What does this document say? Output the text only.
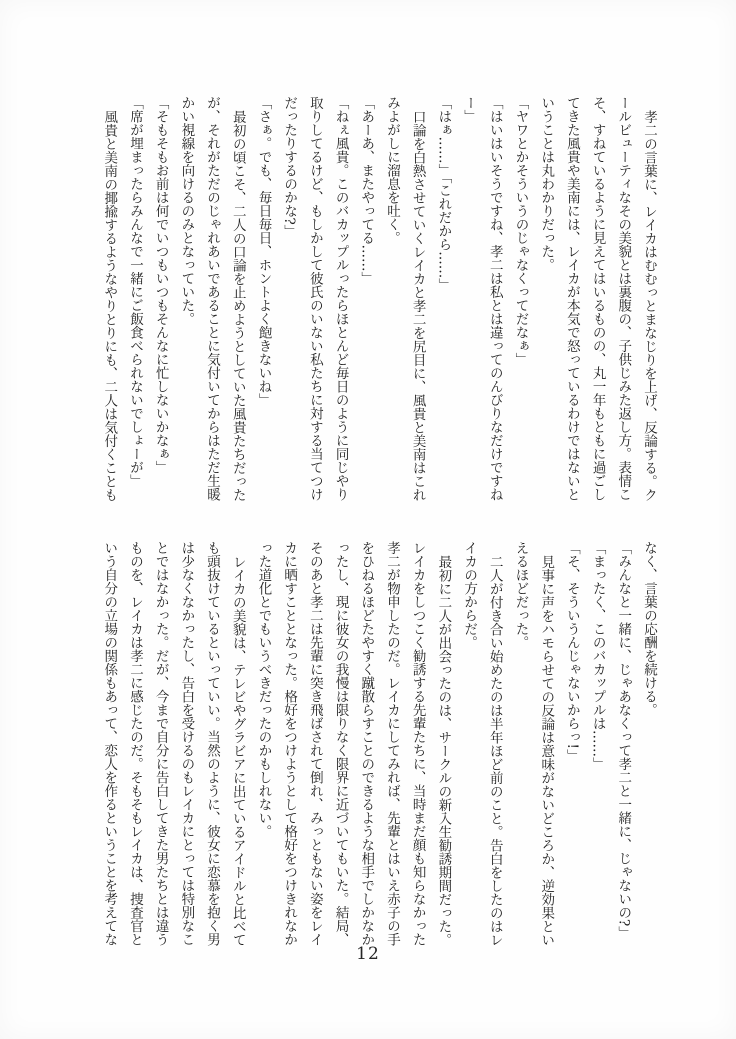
孝二の言葉に、レイカはむむっとまなじりを上げ、反論する。ク

ールビューティなその美貌とは裏腹の、子供じみた返し方。表情こ

そ、すねているように見えてはいるものの、丸一年もともに過ごし

てきた風貴や美南には、レイカが本気で怒っているわけではないと

いうことは丸わかりだった。

「ヤワとかそういうのじゃなくってだなぁ」

「はいはいそうですね、孝二は私とは違ってのんびりなだけですね

ー」

「はぁ……」「これだから……」

口論を白熱させていくレイカと孝二を尻目に、風貴と美南はこれ

みよがしに溜息を吐く。

「あーあ、またやってる……」

「ねぇ風貴。このバカップルったらほとんど毎日のように同じやり

取りしてるけど、もしかして彼氏のいない私たちに対する当てつけ

だったりするのかな?」

「さぁ。でも、毎日毎日、ホントよく飽きないね」

最初の頃こそ、二人の口論を止めようとしていた風貴たちだった

が、それがただのじゃれあいであることに気付いてからはただ生暖

かい視線を向けるのみとなっていた。

「そもそもお前は何でいつもいつもそんなに忙しないかなぁ」

「席が埋まったらみんなで一緒にご飯食べられないでしょーが」

風貴と美南の揶揄するようなやりとりにも、二人は気付くことも

なく、言葉の応酬を続ける。

「みんなと一緒に、じゃあなくって孝二と一緒に、じゃないの?」

「まったく、このバカップルは……」

「そ、そういうんじゃないからっ!」

見事に声をハモらせての反論は意味がないどころか、逆効果とい

えるほどだった。

二人が付き合い始めたのは半年ほど前のこと。告白をしたのはレ

イカの方からだ。

最初に二人が出会ったのは、サークルの新入生勧誘期間だった。

レイカをしつこく勧誘する先輩たちに、当時まだ顔も知らなかった

孝二が物申したのだ。レイカにしてみれば、先輩とはいえ赤子の手

をひねるほどたやすく蹴散らすことのできるような相手でしかなか

ったし、現に彼女の我慢は限りなく限界に近づいてもいた。結局、

そのあと孝二は先輩に突き飛ばされて倒れ、みっともない姿をレイ

カに晒すこととなった。格好をつけようとして格好をつけきれなか

った道化とでもいうべきだったのかもしれない。

レイカの美貌は、テレビやグラビアに出ているアイドルと比べて

も頭抜けているといっていい。当然のように、彼女に恋慕を抱く男

は少なくなかったし、告白を受けるのもレイカにとっては特別なこ

とではなかった。だが、今まで自分に告白してきた男たちとは違う

ものを、レイカは孝二に感じたのだ。そもそもレイカは、捜査官と

いう自分の立場の関係もあって、恋人を作るということを考えてな

12
